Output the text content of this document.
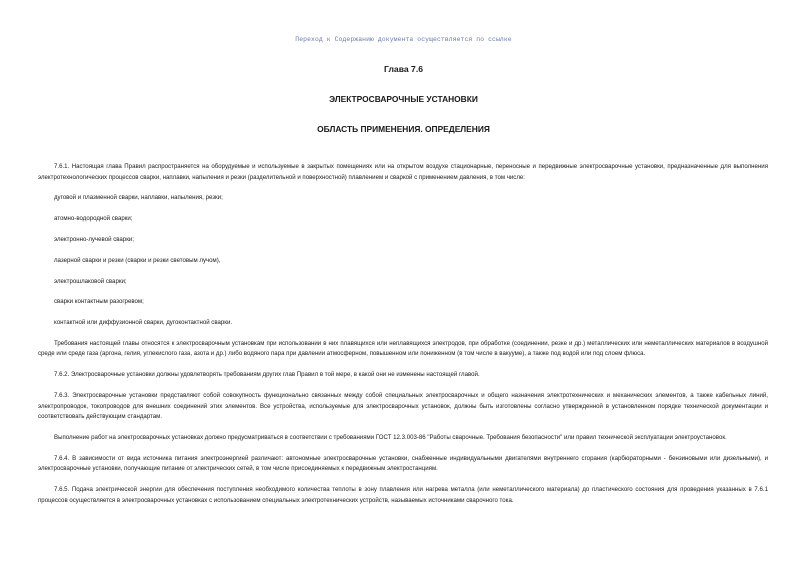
Переход к Содержанию документа осуществляется по ссылке
Глава 7.6
ЭЛЕКТРОСВАРОЧНЫЕ УСТАНОВКИ
ОБЛАСТЬ ПРИМЕНЕНИЯ. ОПРЕДЕЛЕНИЯ

7.6.1. Настоящая глава Правил распространяется на оборудуемые и используемые в закрытых помещениях или на открытом воздухе стационарные, переносные и передвижные электросварочные установки, предназначенные для выполнения электротехнологических процессов сварки, наплавки, напыления и резки (разделительной и поверхностной) плавлением и сваркой с применением давления, в том числе:

дуговой и плазменной сварки, наплавки, напыления, резки;

атомно-водородной сварки;

электронно-лучевой сварки;

лазерной сварки и резки (сварки и резки световым лучом),

электрошлаковой сварки;

сварки контактным разогревом;

контактной или диффузионной сварки, дугоконтактной сварки.

Требования настоящей главы относятся к электросварочным установкам при использовании в них плавящихся или неплавящихся электродов, при обработке (соединении, резке и др.) металлических или неметаллических материалов в воздушной среде или среде газа (аргона, гелия, углекислого газа, азота и др.) либо водяного пара при давлении атмосферном, повышенном или пониженном (в том числе в вакууме), а также под водой или под слоем флюса.

7.6.2. Электросварочные установки должны удовлетворять требованиям других глав Правил в той мере, в какой они не изменены настоящей главой.

7.6.3. Электросварочные установки представляют собой совокупность функционально связанных между собой специальных электросварочных и общего назначения электротехнических и механических элементов, а также кабельных линий, электропроводок, токопроводов для внешних соединений этих элементов. Все устройства, используемые для электросварочных установок, должны быть изготовлены согласно утвержденной в установленном порядке технической документации и соответствовать действующим стандартам.

Выполнение работ на электросварочных установках должно предусматриваться в соответствии с требованиями ГОСТ 12.3.003-86 "Работы сварочные. Требования безопасности" или правил технической эксплуатации электроустановок.

7.6.4. В зависимости от вида источника питания электроэнергией различают: автономные электросварочные установки, снабженные индивидуальными двигателями внутреннего сгорания (карбюраторными - бензиновыми или дизельными), и электросварочные установки, получающие питание от электрических сетей, в том числе присоединяемых к передвижным электростанциям.

7.6.5. Подача электрической энергии для обеспечения поступления необходимого количества теплоты в зону плавления или нагрева металла (или неметаллического материала) до пластического состояния для проведения указанных в 7.6.1 процессов осуществляется в электросварочных установках с использованием специальных электротехнических устройств, называемых источниками сварочного тока.
